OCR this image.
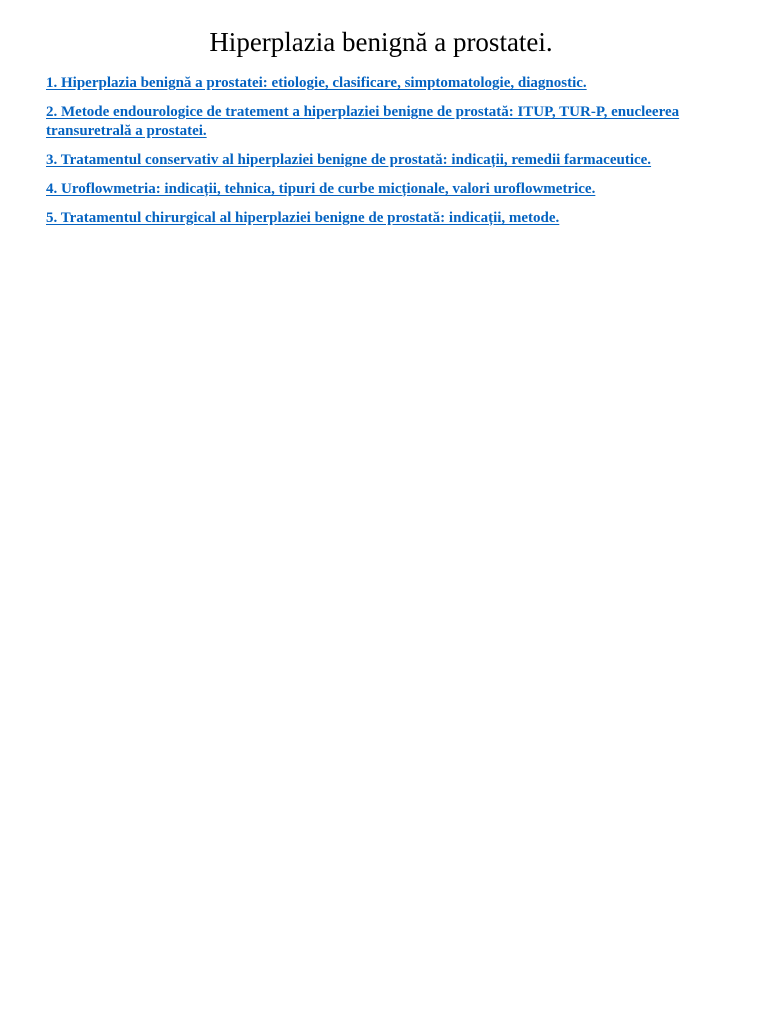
Hiperplazia benignă a prostatei.
1. Hiperplazia benignă a prostatei: etiologie, clasificare, simptomatologie, diagnostic.
2. Metode endourologice de tratement a hiperplaziei benigne de prostată: ITUP, TUR-P, enucleerea transuretrală a prostatei.
3. Tratamentul conservativ al hiperplaziei benigne de prostată: indicații, remedii farmaceutice.
4. Uroflowmetria: indicații, tehnica, tipuri de curbe micționale, valori uroflowmetrice.
5. Tratamentul chirurgical al hiperplaziei benigne de prostată: indicații, metode.
